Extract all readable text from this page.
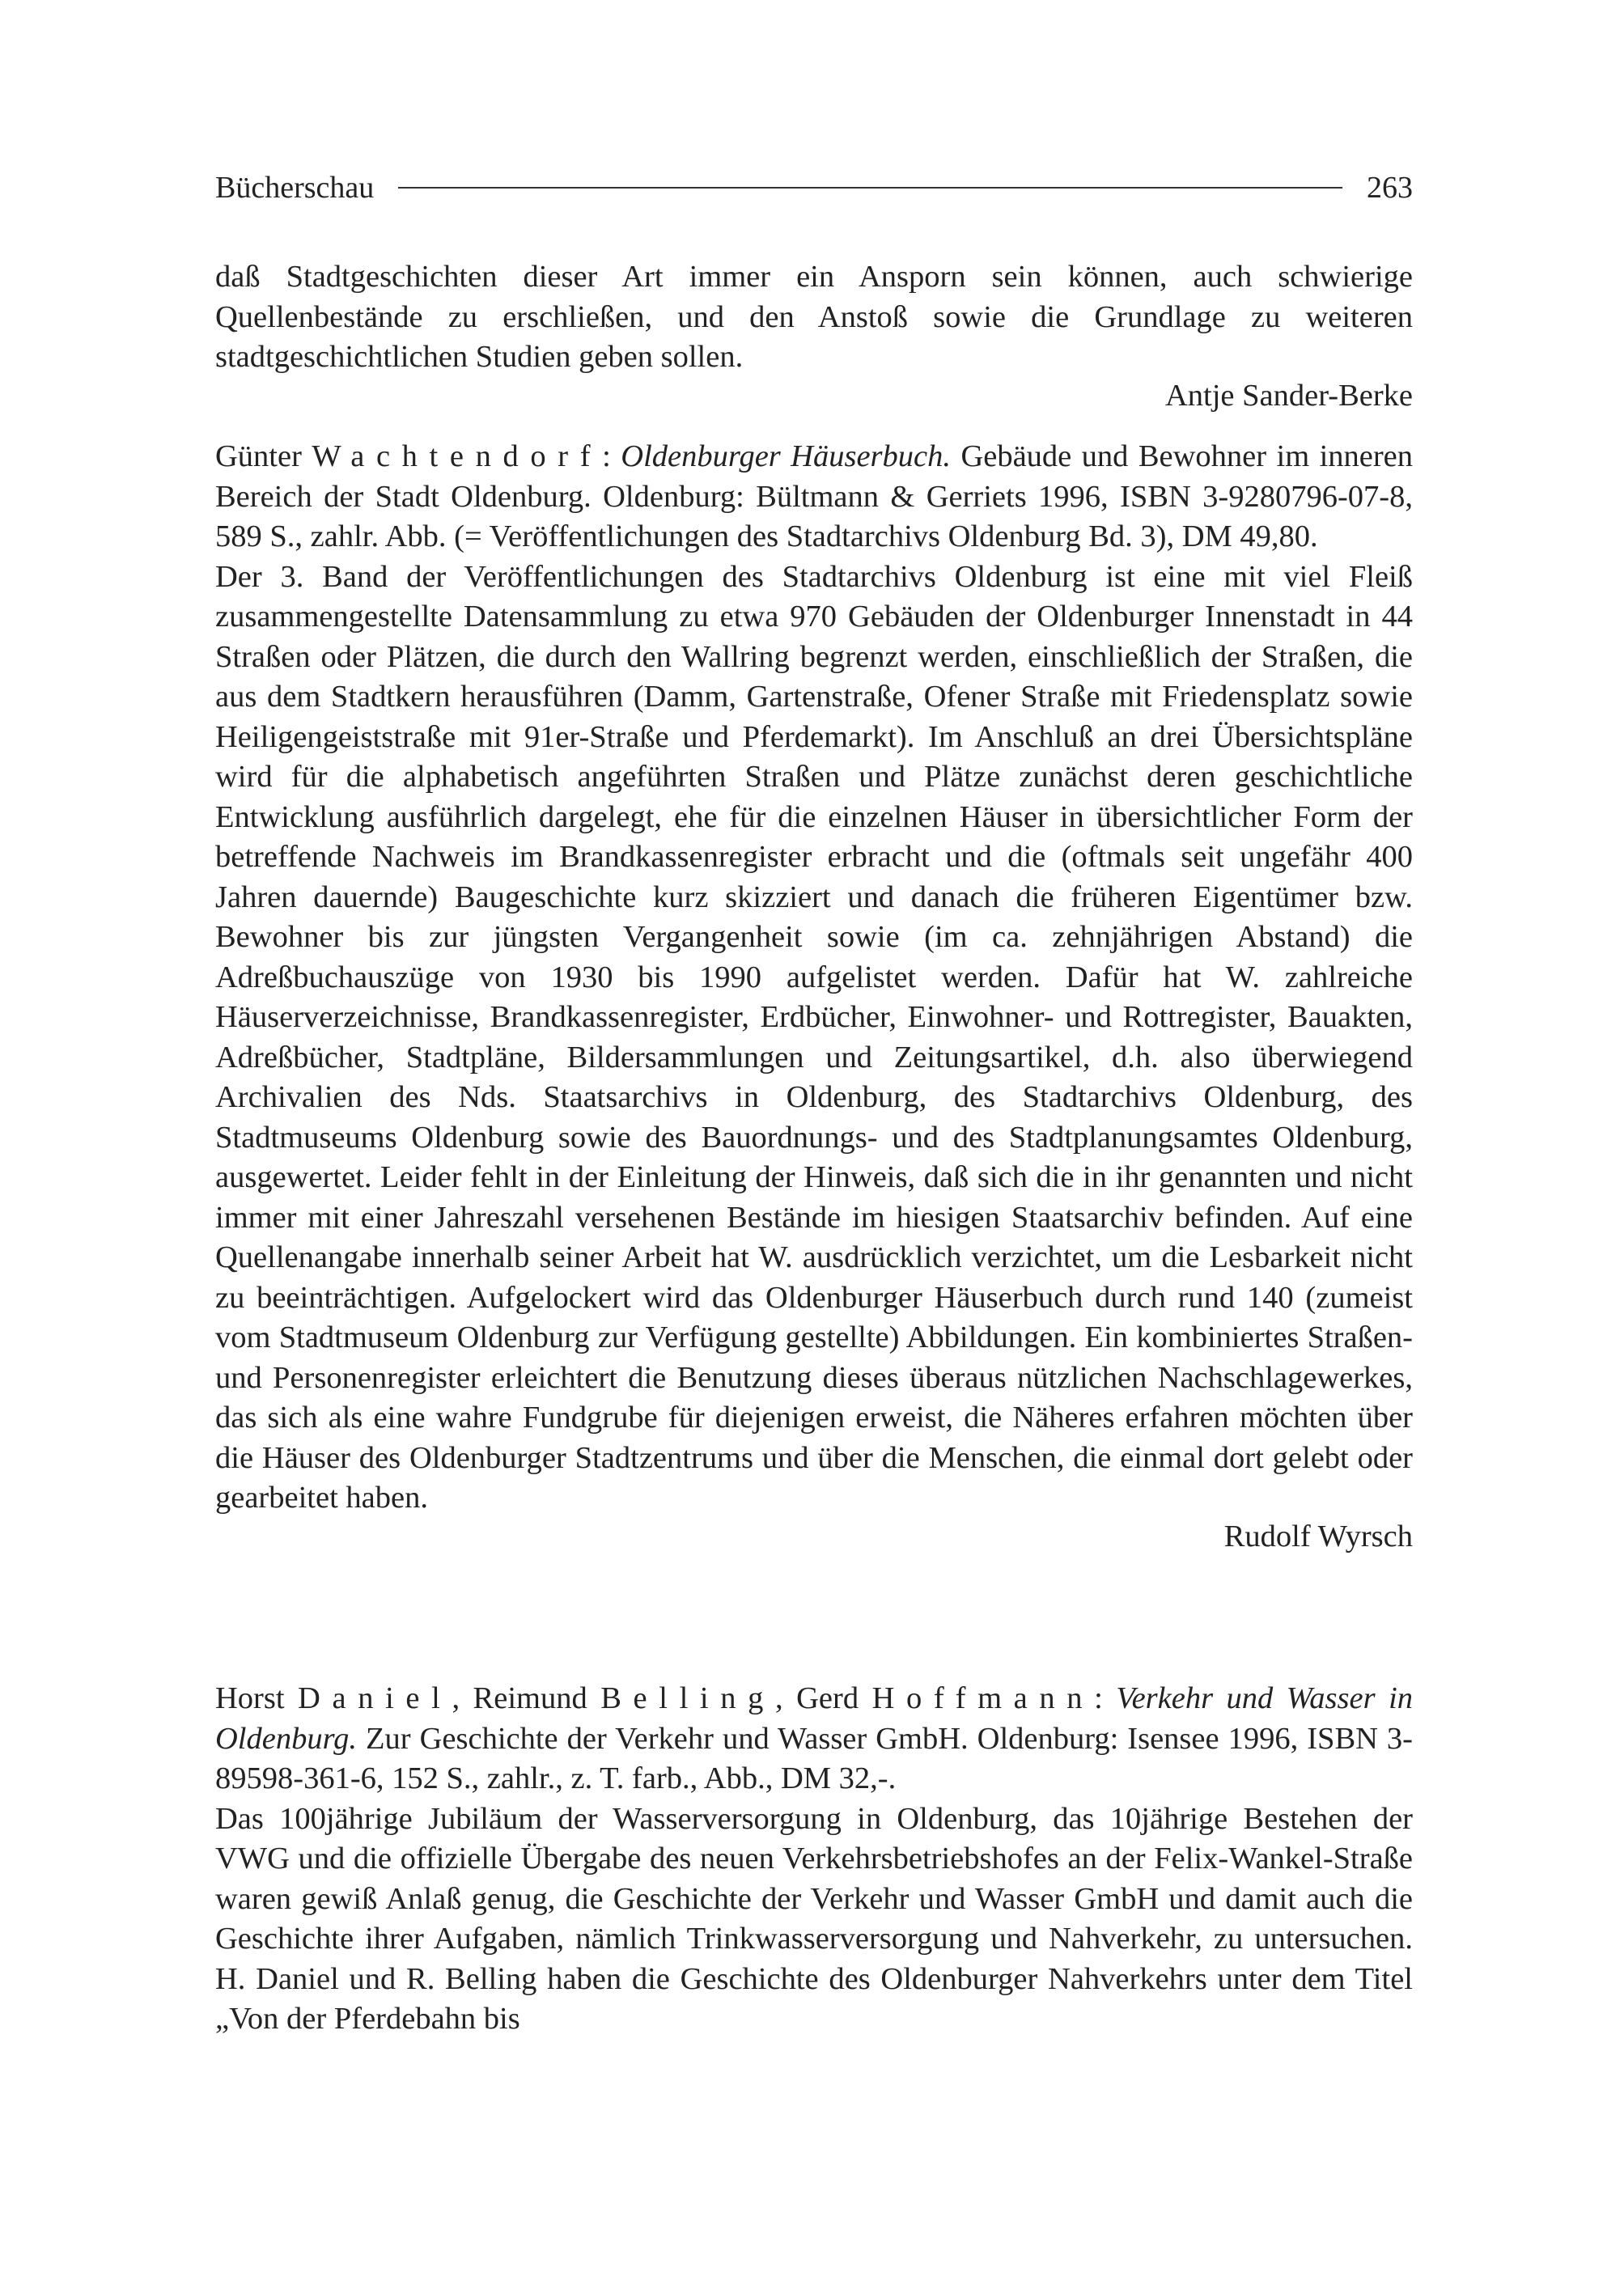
Bücherschau	263

daß Stadtgeschichten dieser Art immer ein Ansporn sein können, auch schwierige Quellenbestände zu erschließen, und den Anstoß sowie die Grundlage zu weiteren stadtgeschichtlichen Studien geben sollen.

Antje Sander-Berke

Günter Wachtendorf: Oldenburger Häuserbuch. Gebäude und Bewohner im inneren Bereich der Stadt Oldenburg. Oldenburg: Bültmann & Gerriets 1996, ISBN 3-9280796-07-8, 589 S., zahlr. Abb. (= Veröffentlichungen des Stadtarchivs Oldenburg Bd. 3), DM 49,80.

Der 3. Band der Veröffentlichungen des Stadtarchivs Oldenburg ist eine mit viel Fleiß zusammengestellte Datensammlung zu etwa 970 Gebäuden der Oldenburger Innenstadt in 44 Straßen oder Plätzen, die durch den Wallring begrenzt werden, einschließlich der Straßen, die aus dem Stadtkern herausführen (Damm, Gartenstraße, Ofener Straße mit Friedensplatz sowie Heiligengeiststraße mit 91er-Straße und Pferdemarkt). Im Anschluß an drei Übersichtspläne wird für die alphabetisch angeführten Straßen und Plätze zunächst deren geschichtliche Entwicklung ausführlich dargelegt, ehe für die einzelnen Häuser in übersichtlicher Form der betreffende Nachweis im Brandkassenregister erbracht und die (oftmals seit ungefähr 400 Jahren dauernde) Baugeschichte kurz skizziert und danach die früheren Eigentümer bzw. Bewohner bis zur jüngsten Vergangenheit sowie (im ca. zehnjährigen Abstand) die Adreßbuchauszüge von 1930 bis 1990 aufgelistet werden. Dafür hat W. zahlreiche Häuserverzeichnisse, Brandkassenregister, Erdbücher, Einwohner- und Rottregister, Bauakten, Adreßbücher, Stadtpläne, Bildersammlungen und Zeitungsartikel, d.h. also überwiegend Archivalien des Nds. Staatsarchivs in Oldenburg, des Stadtarchivs Oldenburg, des Stadtmuseums Oldenburg sowie des Bauordnungs- und des Stadtplanungsamtes Oldenburg, ausgewertet. Leider fehlt in der Einleitung der Hinweis, daß sich die in ihr genannten und nicht immer mit einer Jahreszahl versehenen Bestände im hiesigen Staatsarchiv befinden. Auf eine Quellenangabe innerhalb seiner Arbeit hat W. ausdrücklich verzichtet, um die Lesbarkeit nicht zu beeinträchtigen. Aufgelockert wird das Oldenburger Häuserbuch durch rund 140 (zumeist vom Stadtmuseum Oldenburg zur Verfügung gestellte) Abbildungen. Ein kombiniertes Straßen- und Personenregister erleichtert die Benutzung dieses überaus nützlichen Nachschlagewerkes, das sich als eine wahre Fundgrube für diejenigen erweist, die Näheres erfahren möchten über die Häuser des Oldenburger Stadtzentrums und über die Menschen, die einmal dort gelebt oder gearbeitet haben.

Rudolf Wyrsch

Horst Daniel, Reimund Belling, Gerd Hoffmann: Verkehr und Wasser in Oldenburg. Zur Geschichte der Verkehr und Wasser GmbH. Oldenburg: Isensee 1996, ISBN 3-89598-361-6, 152 S., zahlr., z. T. farb., Abb., DM 32,-.

Das 100jährige Jubiläum der Wasserversorgung in Oldenburg, das 10jährige Bestehen der VWG und die offizielle Übergabe des neuen Verkehrsbetriebshofes an der Felix-Wankel-Straße waren gewiß Anlaß genug, die Geschichte der Verkehr und Wasser GmbH und damit auch die Geschichte ihrer Aufgaben, nämlich Trinkwasserversorgung und Nahverkehr, zu untersuchen. H. Daniel und R. Belling haben die Geschichte des Oldenburger Nahverkehrs unter dem Titel „Von der Pferdebahn bis
